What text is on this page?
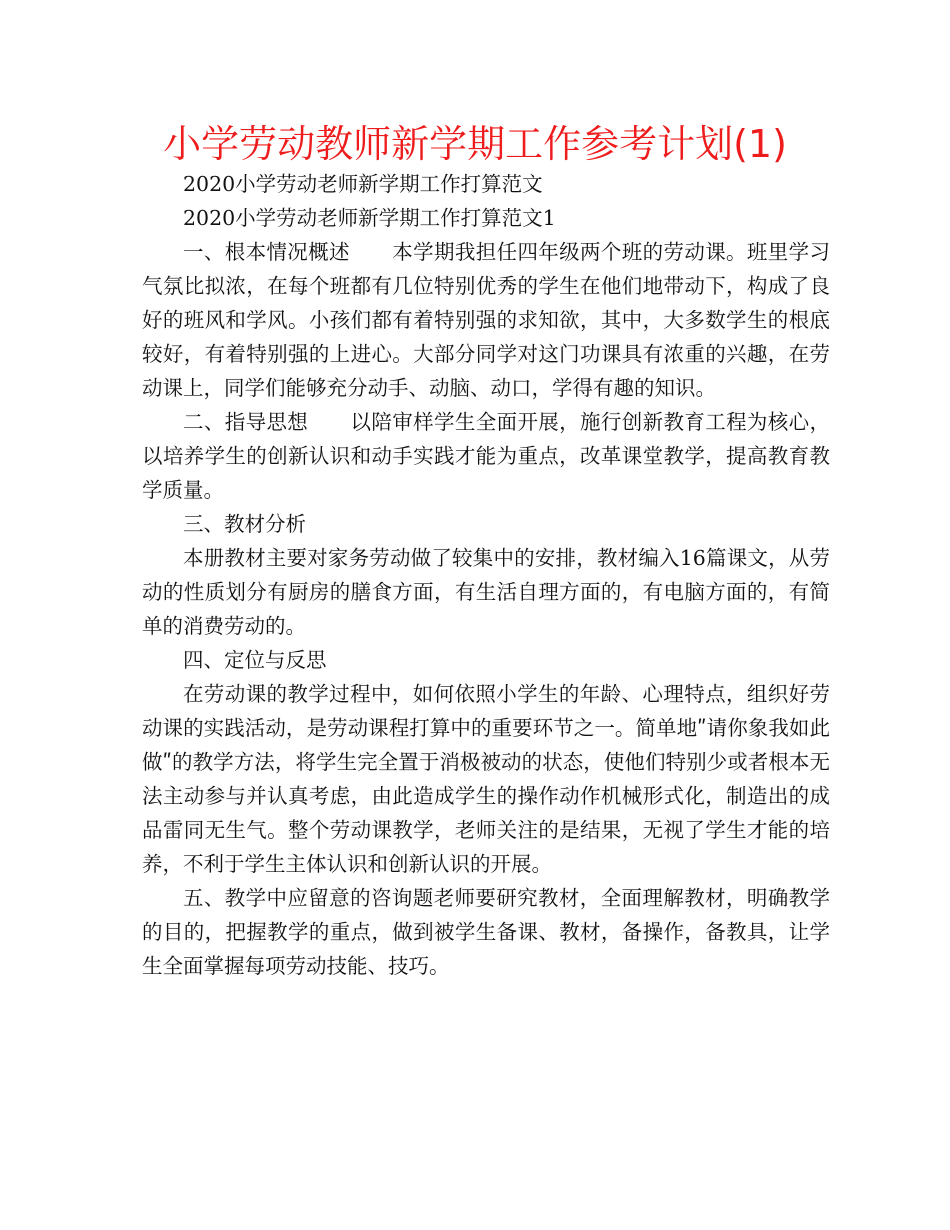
小学劳动教师新学期工作参考计划(1)

2020小学劳动老师新学期工作打算范文

2020小学劳动老师新学期工作打算范文1

一、根本情况概述 本学期我担任四年级两个班的劳动课。班里学习气氛比拟浓，在每个班都有几位特别优秀的学生在他们地带动下，构成了良好的班风和学风。小孩们都有着特别强的求知欲，其中，大多数学生的根底较好，有着特别强的上进心。大部分同学对这门功课具有浓重的兴趣，在劳动课上，同学们能够充分动手、动脑、动口，学得有趣的知识。

二、指导思想 以陪审样学生全面开展，施行创新教育工程为核心，以培养学生的创新认识和动手实践才能为重点，改革课堂教学，提高教育教学质量。

三、教材分析

本册教材主要对家务劳动做了较集中的安排，教材编入16篇课文，从劳动的性质划分有厨房的膳食方面，有生活自理方面的，有电脑方面的，有简单的消费劳动的。

四、定位与反思

在劳动课的教学过程中，如何依照小学生的年龄、心理特点，组织好劳动课的实践活动，是劳动课程打算中的重要环节之一。简单地ʺ请你象我如此做ʺ的教学方法，将学生完全置于消极被动的状态，使他们特别少或者根本无法主动参与并认真考虑，由此造成学生的操作动作机械形式化，制造出的成品雷同无生气。整个劳动课教学，老师关注的是结果，无视了学生才能的培养，不利于学生主体认识和创新认识的开展。

五、教学中应留意的咨询题老师要研究教材，全面理解教材，明确教学的目的，把握教学的重点，做到被学生备课、教材，备操作，备教具，让学生全面掌握每项劳动技能、技巧。
